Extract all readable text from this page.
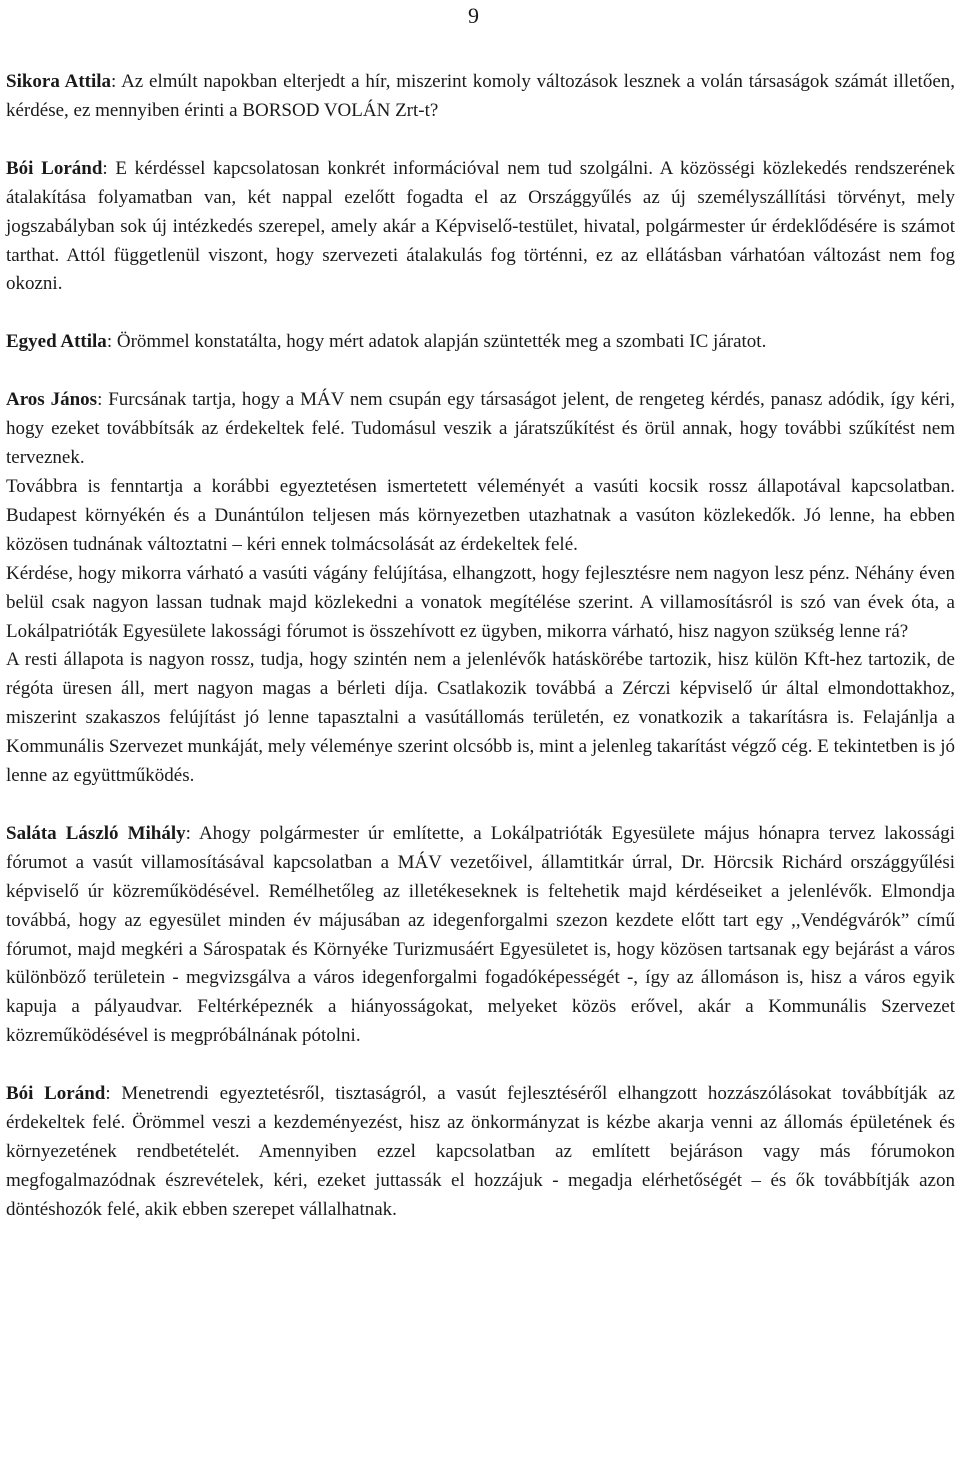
9

Sikora Attila: Az elmúlt napokban elterjedt a hír, miszerint komoly változások lesznek a volán társaságok számát illetően, kérdése, ez mennyiben érinti a BORSOD VOLÁN Zrt-t?

Bói Loránd: E kérdéssel kapcsolatosan konkrét információval nem tud szolgálni. A közösségi közlekedés rendszerének átalakítása folyamatban van, két nappal ezelőtt fogadta el az Országgyűlés az új személyszállítási törvényt, mely jogszabályban sok új intézkedés szerepel, amely akár a Képviselő-testület, hivatal, polgármester úr érdeklődésére is számot tarthat. Attól függetlenül viszont, hogy szervezeti átalakulás fog történni, ez az ellátásban várhatóan változást nem fog okozni.

Egyed Attila: Örömmel konstatálta, hogy mért adatok alapján szüntették meg a szombati IC járatot.

Aros János: Furcsának tartja, hogy a MÁV nem csupán egy társaságot jelent, de rengeteg kérdés, panasz adódik, így kéri, hogy ezeket továbbítsák az érdekeltek felé. Tudomásul veszik a járatszűkítést és örül annak, hogy további szűkítést nem terveznek.

Továbbra is fenntartja a korábbi egyeztetésen ismertetett véleményét a vasúti kocsik rossz állapotával kapcsolatban. Budapest környékén és a Dunántúlon teljesen más környezetben utazhatnak a vasúton közlekedők. Jó lenne, ha ebben közösen tudnának változtatni – kéri ennek tolmácsolását az érdekeltek felé.

Kérdése, hogy mikorra várható a vasúti vágány felújítása, elhangzott, hogy fejlesztésre nem nagyon lesz pénz. Néhány éven belül csak nagyon lassan tudnak majd közlekedni a vonatok megítélése szerint. A villamosításról is szó van évek óta, a Lokálpatrióták Egyesülete lakossági fórumot is összehívott ez ügyben, mikorra várható, hisz nagyon szükség lenne rá?

A resti állapota is nagyon rossz, tudja, hogy szintén nem a jelenlévők hatáskörébe tartozik, hisz külön Kft-hez tartozik, de régóta üresen áll, mert nagyon magas a bérleti díja. Csatlakozik továbbá a Zérczi képviselő úr által elmondottakhoz, miszerint szakaszos felújítást jó lenne tapasztalni a vasútállomás területén, ez vonatkozik a takarításra is. Felajánlja a Kommunális Szervezet munkáját, mely véleménye szerint olcsóbb is, mint a jelenleg takarítást végző cég. E tekintetben is jó lenne az együttműködés.

Saláta László Mihály: Ahogy polgármester úr említette, a Lokálpatrióták Egyesülete május hónapra tervez lakossági fórumot a vasút villamosításával kapcsolatban a MÁV vezetőivel, államtitkár úrral, Dr. Hörcsik Richárd országgyűlési képviselő úr közreműködésével. Remélhetőleg az illetékeseknek is feltehetik majd kérdéseiket a jelenlévők. Elmondja továbbá, hogy az egyesület minden év májusában az idegenforgalmi szezon kezdete előtt tart egy ,,Vendégvárók” című fórumot, majd megkéri a Sárospatak és Környéke Turizmusáért Egyesületet is, hogy közösen tartsanak egy bejárást a város különböző területein - megvizsgálva a város idegenforgalmi fogadóképességét -, így az állomáson is, hisz a város egyik kapuja a pályaudvar. Feltérképeznék a hiányosságokat, melyeket közös erővel, akár a Kommunális Szervezet közreműködésével is megpróbálnának pótolni.

Bói Loránd: Menetrendi egyeztetésről, tisztaságról, a vasút fejlesztéséről elhangzott hozzászólásokat továbbítják az érdekeltek felé. Örömmel veszi a kezdeményezést, hisz az önkormányzat is kézbe akarja venni az állomás épületének és környezetének rendbetételét. Amennyiben ezzel kapcsolatban az említett bejáráson vagy más fórumokon megfogalmazódnak észrevételek, kéri, ezeket juttassák el hozzájuk - megadja elérhetőségét – és ők továbbítják azon döntéshozók felé, akik ebben szerepet vállalhatnak.
